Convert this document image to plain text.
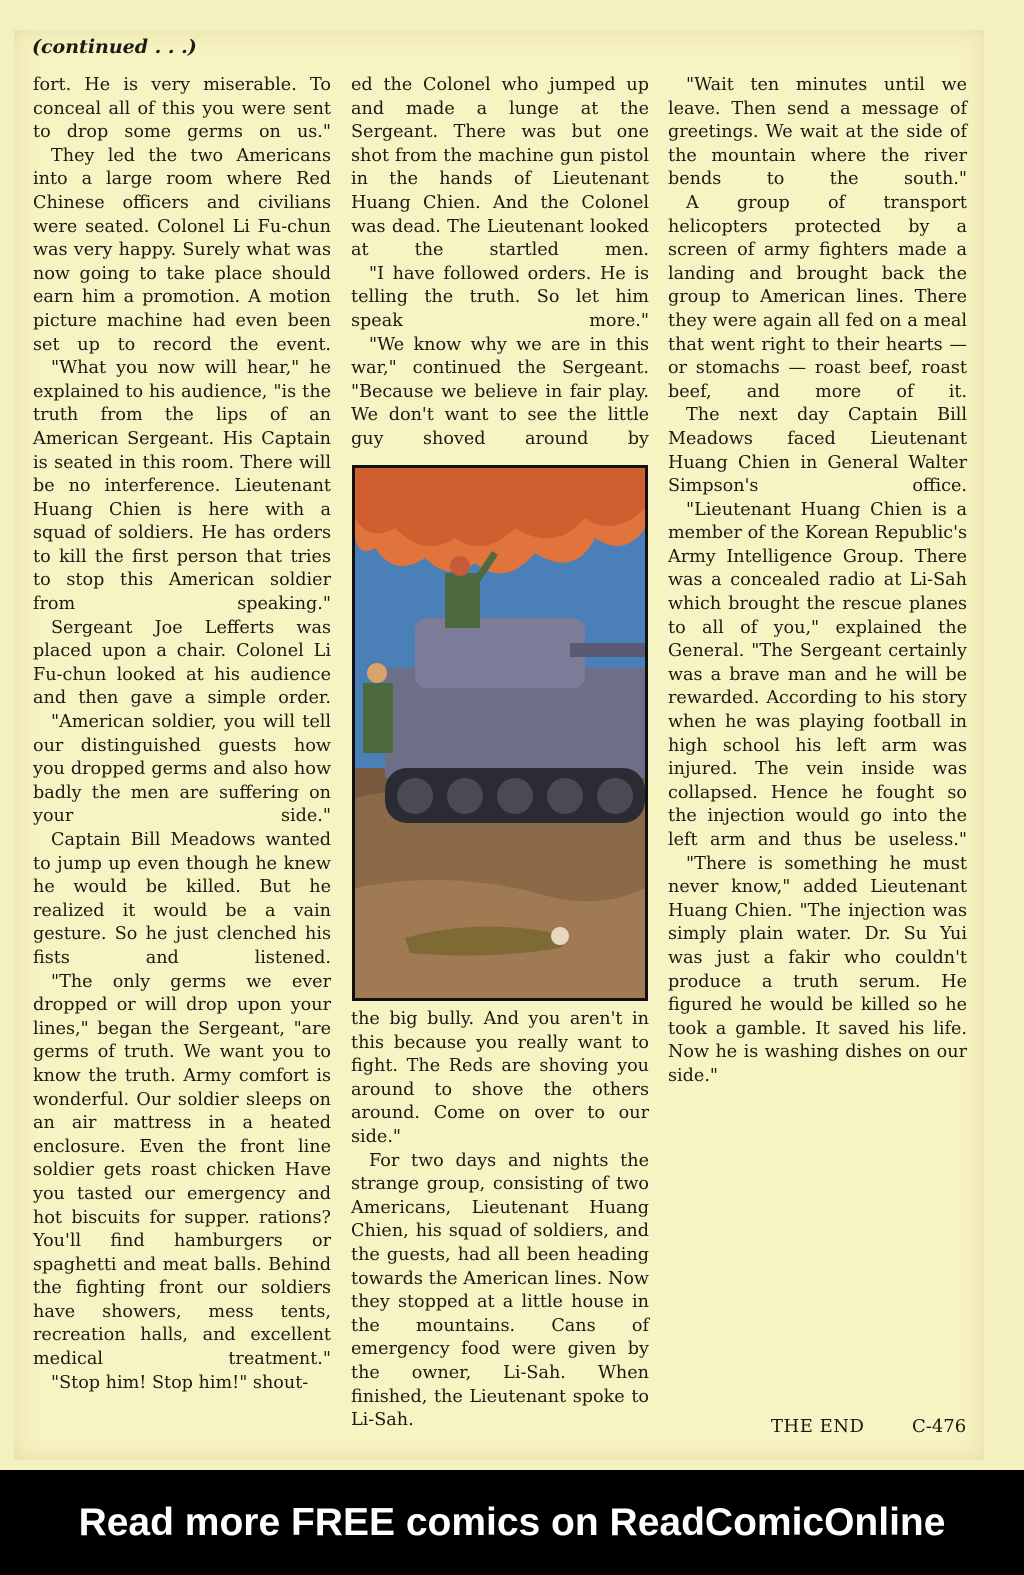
(continued . . .)

fort. He is very miserable. To conceal all of this you were sent to drop some germs on us."

They led the two Americans into a large room where Red Chinese officers and civilians were seated. Colonel Li Fu-chun was very happy. Surely what was now going to take place should earn him a promotion. A motion picture machine had even been set up to record the event.

"What you now will hear," he explained to his audience, "is the truth from the lips of an American Sergeant. His Captain is seated in this room. There will be no interference. Lieutenant Huang Chien is here with a squad of soldiers. He has orders to kill the first person that tries to stop this American soldier from speaking."

Sergeant Joe Lefferts was placed upon a chair. Colonel Li Fu-chun looked at his audience and then gave a simple order.

"American soldier, you will tell our distinguished guests how you dropped germs and also how badly the men are suffering on your side."

Captain Bill Meadows wanted to jump up even though he knew he would be killed. But he realized it would be a vain gesture. So he just clenched his fists and listened.

"The only germs we ever dropped or will drop upon your lines," began the Sergeant, "are germs of truth. We want you to know the truth. Army comfort is wonderful. Our soldier sleeps on an air mattress in a heated enclosure. Even the front line soldier gets roast chicken Have you tasted our emergency and hot biscuits for supper. rations? You'll find hamburgers or spaghetti and meat balls. Behind the fighting front our soldiers have showers, mess tents, recreation halls, and excellent medical treatment."

"Stop him! Stop him!" shout-

ed the Colonel who jumped up and made a lunge at the Sergeant. There was but one shot from the machine gun pistol in the hands of Lieutenant Huang Chien. And the Colonel was dead. The Lieutenant looked at the startled men.

"I have followed orders. He is telling the truth. So let him speak more."

"We know why we are in this war," continued the Sergeant. "Because we believe in fair play. We don't want to see the little guy shoved around by

the big bully. And you aren't in this because you really want to fight. The Reds are shoving you around to shove the others around. Come on over to our side."

For two days and nights the strange group, consisting of two Americans, Lieutenant Huang Chien, his squad of soldiers, and the guests, had all been heading towards the American lines. Now they stopped at a little house in the mountains. Cans of emergency food were given by the owner, Li-Sah. When finished, the Lieutenant spoke to Li-Sah.

"Wait ten minutes until we leave. Then send a message of greetings. We wait at the side of the mountain where the river bends to the south."

A group of transport helicopters protected by a screen of army fighters made a landing and brought back the group to American lines. There they were again all fed on a meal that went right to their hearts — or stomachs — roast beef, roast beef, and more of it.

The next day Captain Bill Meadows faced Lieutenant Huang Chien in General Walter Simpson's office.

"Lieutenant Huang Chien is a member of the Korean Republic's Army Intelligence Group. There was a concealed radio at Li-Sah which brought the rescue planes to all of you," explained the General. "The Sergeant certainly was a brave man and he will be rewarded. According to his story when he was playing football in high school his left arm was injured. The vein inside was collapsed. Hence he fought so the injection would go into the left arm and thus be useless."

"There is something he must never know," added Lieutenant Huang Chien. "The injection was simply plain water. Dr. Su Yui was just a fakir who couldn't produce a truth serum. He figured he would be killed so he took a gamble. It saved his life. Now he is washing dishes on our side."

THE END	C-476
Read more FREE comics on ReadComicOnline
